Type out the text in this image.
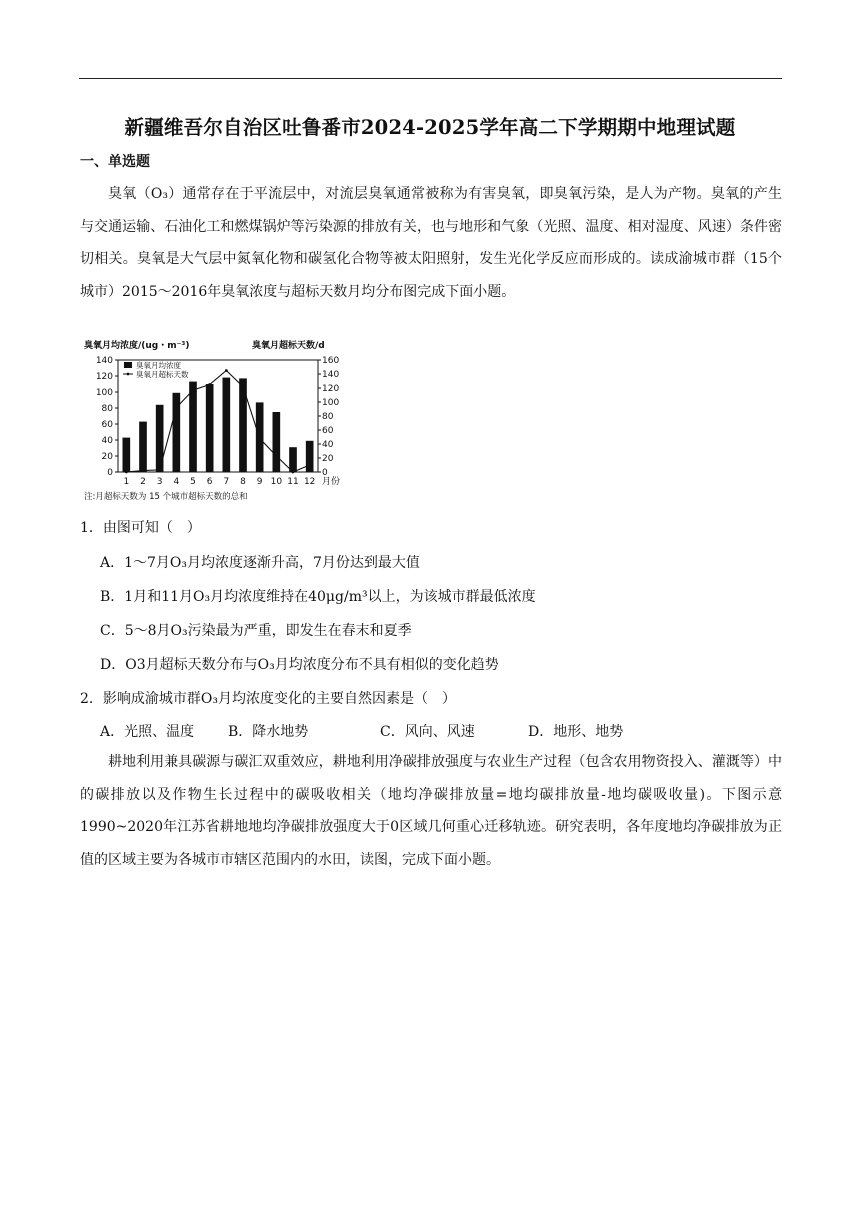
新疆维吾尔自治区吐鲁番市2024-2025学年高二下学期期中地理试题
一、单选题

臭氧（O₃）通常存在于平流层中，对流层臭氧通常被称为有害臭氧，即臭氧污染，是人为产物。臭氧的产生与交通运输、石油化工和燃煤锅炉等污染源的排放有关，也与地形和气象（光照、温度、相对湿度、风速）条件密切相关。臭氧是大气层中氮氧化物和碳氢化合物等被太阳照射，发生光化学反应而形成的。读成渝城市群（15个城市）2015～2016年臭氧浓度与超标天数月均分布图完成下面小题。

臭氧月均浓度/(ug・m⁻³)	臭氧月超标天数/d
140
120
100
80
60
40
20
0
160
140
120
100
80
60
40
20
0
1 2 3 4 5 6 7 8 9 10 11 12 月份
臭氧月均浓度
臭氧月超标天数
注:月超标天数为 15 个城市超标天数的总和
1．由图可知（　）
A．1～7月O₃月均浓度逐渐升高，7月份达到最大值
B．1月和11月O₃月均浓度维持在40μg/m³以上，为该城市群最低浓度
C．5～8月O₃污染最为严重，即发生在春末和夏季
D．O3月超标天数分布与O₃月均浓度分布不具有相似的变化趋势
2．影响成渝城市群O₃月均浓度变化的主要自然因素是（　）
A．光照、温度 B．降水地势	C．风向、风速	D．地形、地势

耕地利用兼具碳源与碳汇双重效应，耕地利用净碳排放强度与农业生产过程（包含农用物资投入、灌溉等）中的碳排放以及作物生长过程中的碳吸收相关（地均净碳排放量=地均碳排放量-地均碳吸收量)。下图示意1990~2020年江苏省耕地地均净碳排放强度大于0区域几何重心迁移轨迹。研究表明，各年度地均净碳排放为正值的区域主要为各城市市辖区范围内的水田，读图，完成下面小题。
